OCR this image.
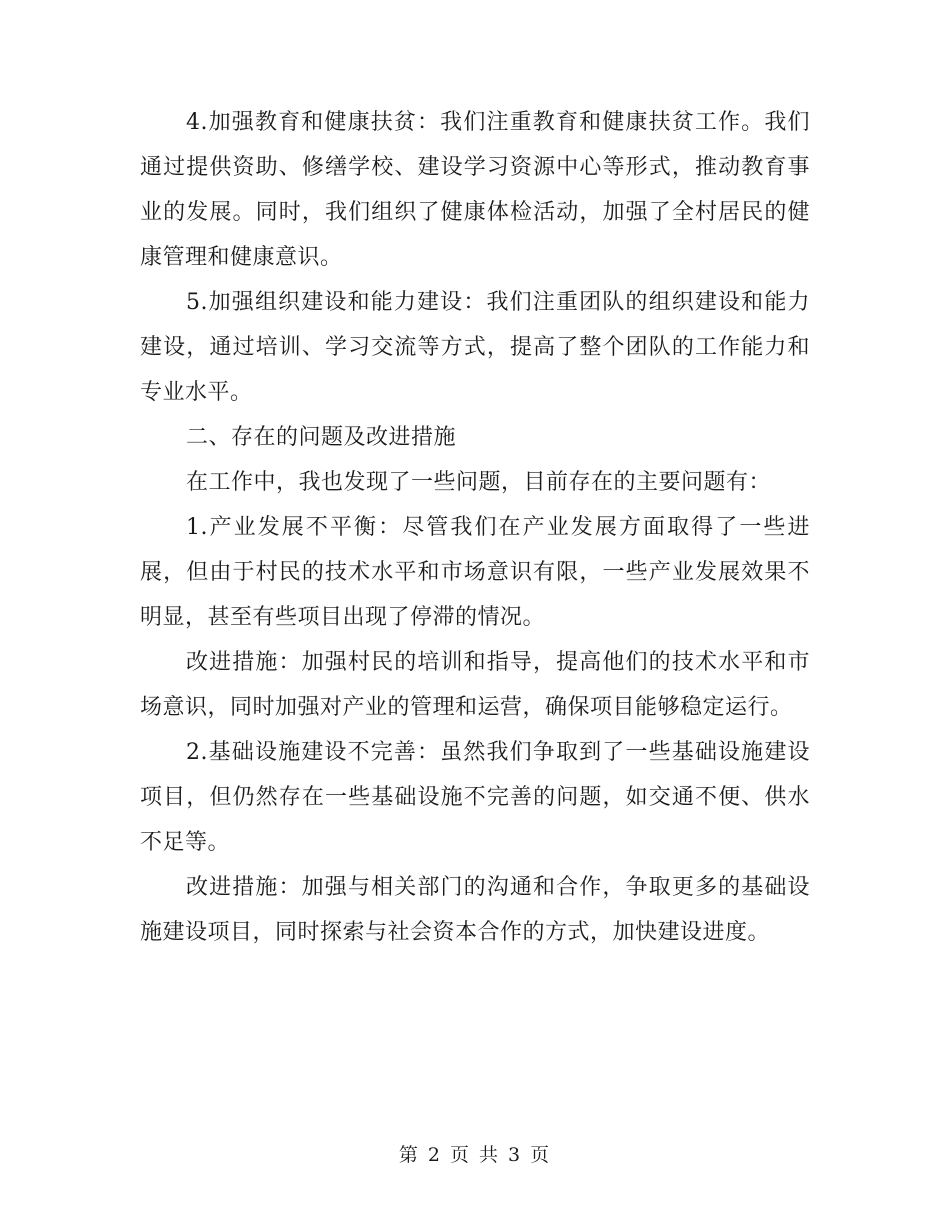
4.加强教育和健康扶贫：我们注重教育和健康扶贫工作。我们通过提供资助、修缮学校、建设学习资源中心等形式，推动教育事业的发展。同时，我们组织了健康体检活动，加强了全村居民的健康管理和健康意识。

5.加强组织建设和能力建设：我们注重团队的组织建设和能力建设，通过培训、学习交流等方式，提高了整个团队的工作能力和专业水平。

二、存在的问题及改进措施

在工作中，我也发现了一些问题，目前存在的主要问题有：

1.产业发展不平衡：尽管我们在产业发展方面取得了一些进展，但由于村民的技术水平和市场意识有限，一些产业发展效果不明显，甚至有些项目出现了停滞的情况。

改进措施：加强村民的培训和指导，提高他们的技术水平和市场意识，同时加强对产业的管理和运营，确保项目能够稳定运行。

2.基础设施建设不完善：虽然我们争取到了一些基础设施建设项目，但仍然存在一些基础设施不完善的问题，如交通不便、供水不足等。

改进措施：加强与相关部门的沟通和合作，争取更多的基础设施建设项目，同时探索与社会资本合作的方式，加快建设进度。

第 2 页 共 3 页
